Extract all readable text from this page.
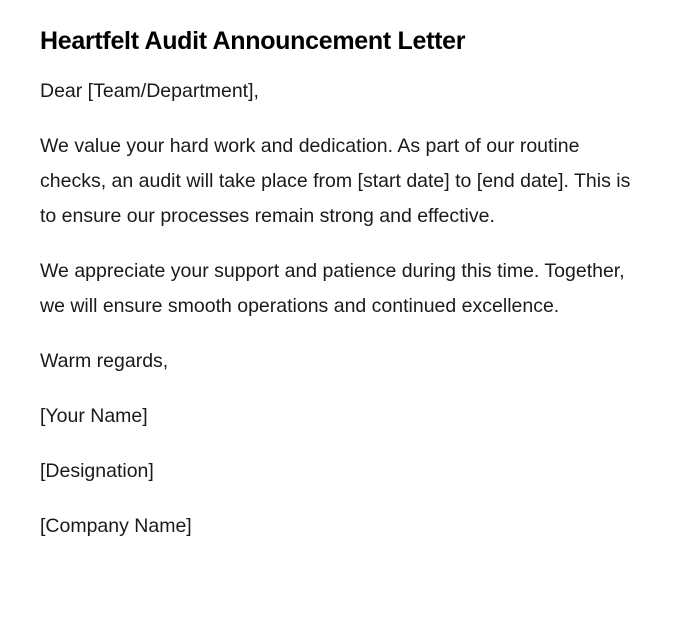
Heartfelt Audit Announcement Letter

Dear [Team/Department],

We value your hard work and dedication. As part of our routine checks, an audit will take place from [start date] to [end date]. This is to ensure our processes remain strong and effective.

We appreciate your support and patience during this time. Together, we will ensure smooth operations and continued excellence.

Warm regards,

[Your Name]

[Designation]

[Company Name]
